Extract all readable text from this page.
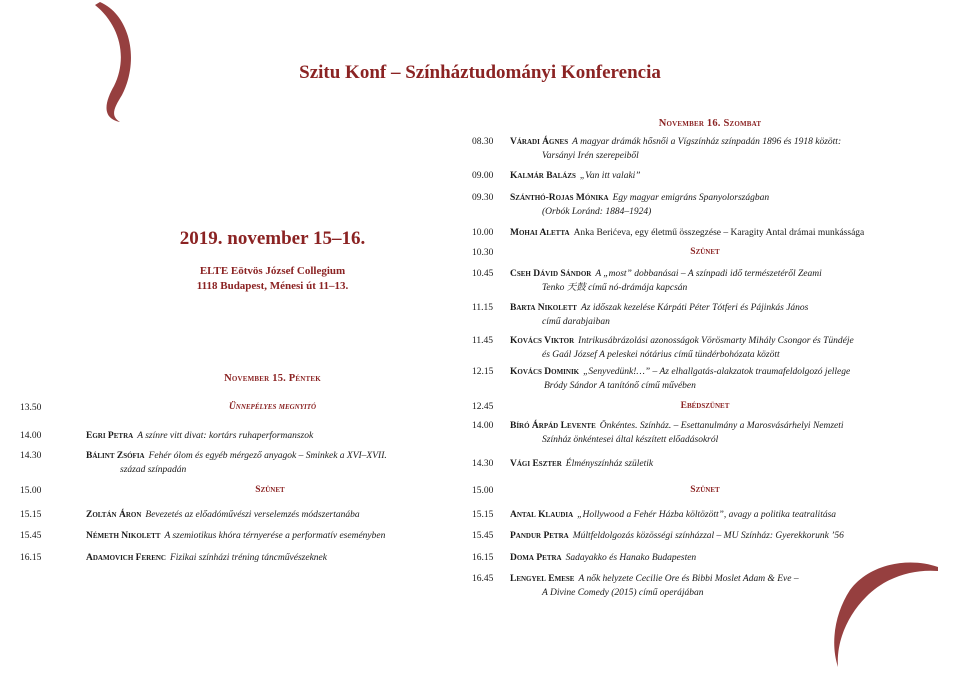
Szitu Konf – Színháztudományi Konferencia
2019. november 15–16.
ELTE Eötvös József Collegium
1118 Budapest, Ménesi út 11–13.
November 15. Péntek
13.50	Ünnepélyes megnyitó
14.00	Egri Petra A színre vitt divat: kortárs ruhaperformanszok
14.30	Bálint Zsófia Fehér ólom és egyéb mérgező anyagok – Sminkek a XVI–XVII.
század színpadán
15.00	Szünet
15.15	Zoltán Áron Bevezetés az előadóművészi verselemzés módszertanába
15.45	Németh Nikolett A szemiotikus khóra térnyerése a performatív eseményben
16.15	Adamovich Ferenc Fizikai színházi tréning táncművészeknek
November 16. Szombat
08.30 Váradi Ágnes A magyar drámák hősnői a Vígszínház színpadán 1896 és 1918 között:
Varsányi Irén szerepeiből
09.00 Kalmár Balázs „Van itt valaki”
09.30 Szánthó-Rojas Mónika Egy magyar emigráns Spanyolországban
(Orbók Loránd: 1884–1924)
10.00 Mohai Aletta Anka Berićeva, egy életmű összegzése – Karagity Antal drámai munkássága
10.30	Szünet
10.45 Cseh Dávid Sándor A „most” dobbanásai – A színpadi idő természetéről Zeami
Tenko 天鼓 című nó-drámája kapcsán
11.15 Barta Nikolett Az időszak kezelése Kárpáti Péter Tótferi és Pájinkás János
című darabjaiban
11.45 Kovács Viktor Intrikusábrázolási azonosságok Vörösmarty Mihály Csongor és Tündéje
és Gaál József A peleskei nótárius című tündérbohózata között
12.15 Kovács Dominik „Senyvedünk!…” – Az elhallgatás-alakzatok traumafeldolgozó jellege
Bródy Sándor A tanítónő című művében
12.45	Ebédszünet
14.00 Bíró Árpád Levente Önkéntes. Színház. – Esettanulmány a Marosvásárhelyi Nemzeti
Színház önkéntesei által készített előadásokról
14.30 Vági Eszter Élményszínház születik
15.00	Szünet
15.15 Antal Klaudia „Hollywood a Fehér Házba költözött”, avagy a politika teatralitása
15.45 Pandur Petra Múltfeldolgozás közösségi színházzal – MU Színház: Gyerekkorunk ’56
16.15 Doma Petra Sadayakko és Hanako Budapesten
16.45 Lengyel Emese A nők helyzete Cecilie Ore és Bibbi Moslet Adam & Eve –
A Divine Comedy (2015) című operájában
